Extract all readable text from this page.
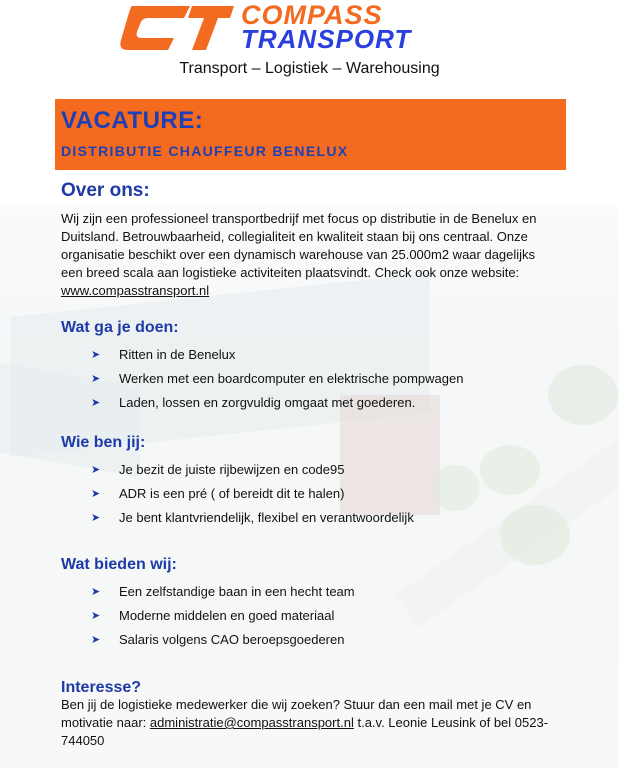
COMPASS
TRANSPORT
Transport – Logistiek – Warehousing
VACATURE:
DISTRIBUTIE CHAUFFEUR BENELUX
Over ons:
Wij zijn een professioneel transportbedrijf met focus op distributie in de Benelux en Duitsland. Betrouwbaarheid, collegialiteit en kwaliteit staan bij ons centraal. Onze organisatie beschikt over een dynamisch warehouse van 25.000m2 waar dagelijks een breed scala aan logistieke activiteiten plaatsvindt. Check ook onze website: www.compasstransport.nl
Wat ga je doen:
➤ Ritten in de Benelux
➤ Werken met een boardcomputer en elektrische pompwagen
➤ Laden, lossen en zorgvuldig omgaat met goederen.
Wie ben jij:
➤ Je bezit de juiste rijbewijzen en code95
➤ ADR is een pré ( of bereidt dit te halen)
➤ Je bent klantvriendelijk, flexibel en verantwoordelijk
Wat bieden wij:
➤ Een zelfstandige baan in een hecht team
➤ Moderne middelen en goed materiaal
➤ Salaris volgens CAO beroepsgoederen
Interesse?
Ben jij de logistieke medewerker die wij zoeken? Stuur dan een mail met je CV en motivatie naar: administratie@compasstransport.nl t.a.v. Leonie Leusink of bel 0523-744050
